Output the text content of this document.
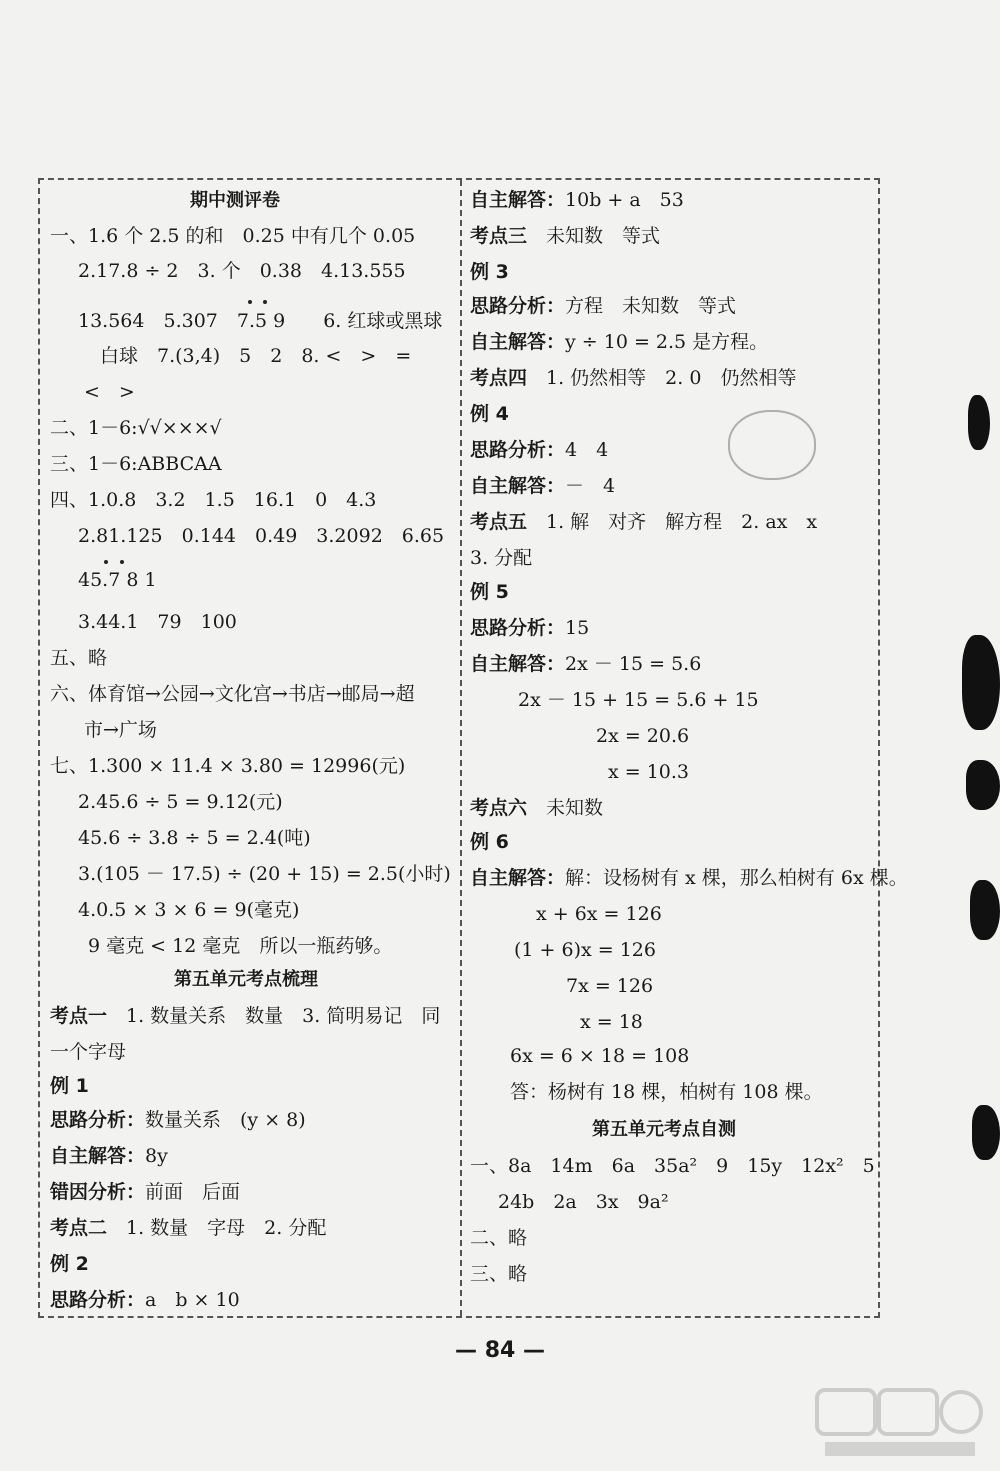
期中测评卷
一、1.6 个 2.5 的和　0.25 中有几个 0.05
2.17.8 ÷ 2　3. 个　0.38　4.13.555
13.564　5.307　7.5 9　　6. 红球或黑球
白球　7.(3,4)　5　2　8. <　>　=
<　>
二、1－6:√√×××√
三、1－6:ABBCAA
四、1.0.8　3.2　1.5　16.1　0　4.3
2.81.125　0.144　0.49　3.2092　6.65
45.7 8 1
3.44.1　79　100
五、略
六、体育馆→公园→文化宫→书店→邮局→超
市→广场
七、1.300 × 11.4 × 3.80 = 12996(元)
2.45.6 ÷ 5 = 9.12(元)
45.6 ÷ 3.8 ÷ 5 = 2.4(吨)
3.(105 － 17.5) ÷ (20 + 15) = 2.5(小时)
4.0.5 × 3 × 6 = 9(毫克)
9 毫克 < 12 毫克　所以一瓶药够。
第五单元考点梳理
考点一　1. 数量关系　数量　3. 简明易记　同
一个字母
例 1
思路分析：数量关系　(y × 8)
自主解答：8y
错因分析：前面　后面
考点二　1. 数量　字母　2. 分配
例 2
思路分析：a　b × 10
自主解答：10b + a　53
考点三　未知数　等式
例 3
思路分析：方程　未知数　等式
自主解答：y ÷ 10 = 2.5 是方程。
考点四　1. 仍然相等　2. 0　仍然相等
例 4
思路分析：4　4
自主解答：－　4
考点五　1. 解　对齐　解方程　2. ax　x
3. 分配
例 5
思路分析：15
自主解答：2x － 15 = 5.6
2x － 15 + 15 = 5.6 + 15
2x = 20.6
x = 10.3
考点六　未知数
例 6
自主解答：解：设杨树有 x 棵，那么柏树有 6x 棵。
x + 6x = 126
(1 + 6)x = 126
7x = 126
x = 18
6x = 6 × 18 = 108
答：杨树有 18 棵，柏树有 108 棵。
第五单元考点自测
一、8a　14m　6a　35a²　9　15y　12x²　5
24b　2a　3x　9a²
二、略
三、略
— 84 —
